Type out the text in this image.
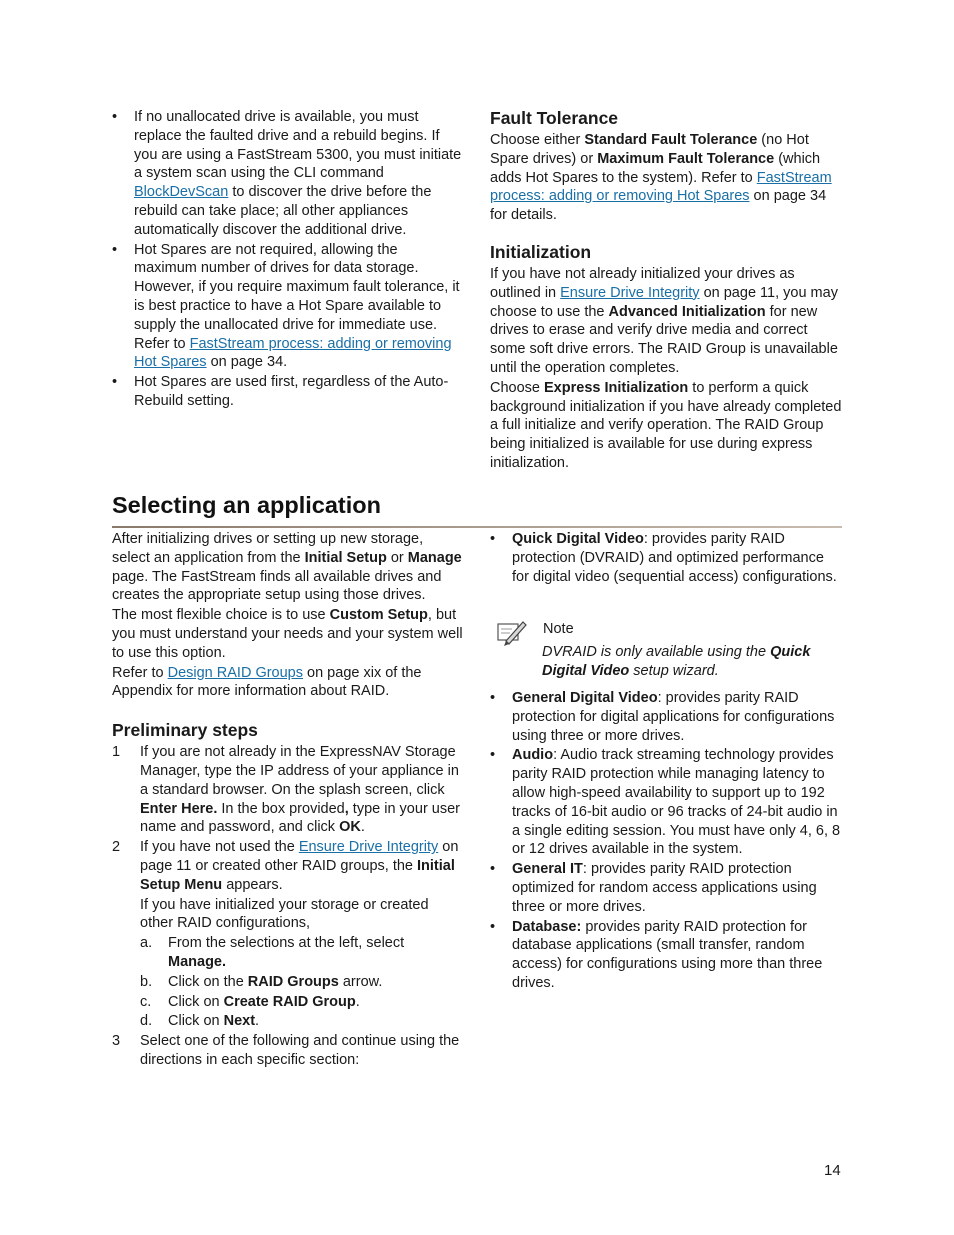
• If no unallocated drive is available, you must replace the faulted drive and a rebuild begins. If you are using a FastStream 5300, you must initiate a system scan using the CLI command BlockDevScan to discover the drive before the rebuild can take place; all other appliances automatically discover the additional drive.
• Hot Spares are not required, allowing the maximum number of drives for data storage. However, if you require maximum fault tolerance, it is best practice to have a Hot Spare available to supply the unallocated drive for immediate use. Refer to FastStream process: adding or removing Hot Spares on page 34.
• Hot Spares are used first, regardless of the Auto-Rebuild setting.
Fault Tolerance

Choose either Standard Fault Tolerance (no Hot Spare drives) or Maximum Fault Tolerance (which adds Hot Spares to the system). Refer to FastStream process: adding or removing Hot Spares on page 34 for details.

Initialization

If you have not already initialized your drives as outlined in Ensure Drive Integrity on page 11, you may choose to use the Advanced Initialization for new drives to erase and verify drive media and correct some soft drive errors. The RAID Group is unavailable until the operation completes.

Choose Express Initialization to perform a quick background initialization if you have already completed a full initialize and verify operation. The RAID Group being initialized is available for use during express initialization.

Selecting an application

After initializing drives or setting up new storage, select an application from the Initial Setup or Manage page. The FastStream finds all available drives and creates the appropriate setup using those drives.

The most flexible choice is to use Custom Setup, but you must understand your needs and your system well to use this option.

Refer to Design RAID Groups on page xix of the Appendix for more information about RAID.

Preliminary steps
1 If you are not already in the ExpressNAV Storage Manager, type the IP address of your appliance in a standard browser. On the splash screen, click Enter Here. In the box provided, type in your user name and password, and click OK.
2 If you have not used the Ensure Drive Integrity on page 11 or created other RAID groups, the Initial Setup Menu appears.
If you have initialized your storage or created other RAID configurations,
a. From the selections at the left, select Manage.
b. Click on the RAID Groups arrow.
c. Click on Create RAID Group.
d. Click on Next.
3 Select one of the following and continue using the directions in each specific section:
• Quick Digital Video: provides parity RAID protection (DVRAID) and optimized performance for digital video (sequential access) configurations.
Note
DVRAID is only available using the Quick Digital Video setup wizard.
• General Digital Video: provides parity RAID protection for digital applications for configurations using three or more drives.
• Audio: Audio track streaming technology provides parity RAID protection while managing latency to allow high-speed availability to support up to 192 tracks of 16-bit audio or 96 tracks of 24-bit audio in a single editing session. You must have only 4, 6, 8 or 12 drives available in the system.
• General IT: provides parity RAID protection optimized for random access applications using three or more drives.
• Database: provides parity RAID protection for database applications (small transfer, random access) for configurations using more than three drives.
14
